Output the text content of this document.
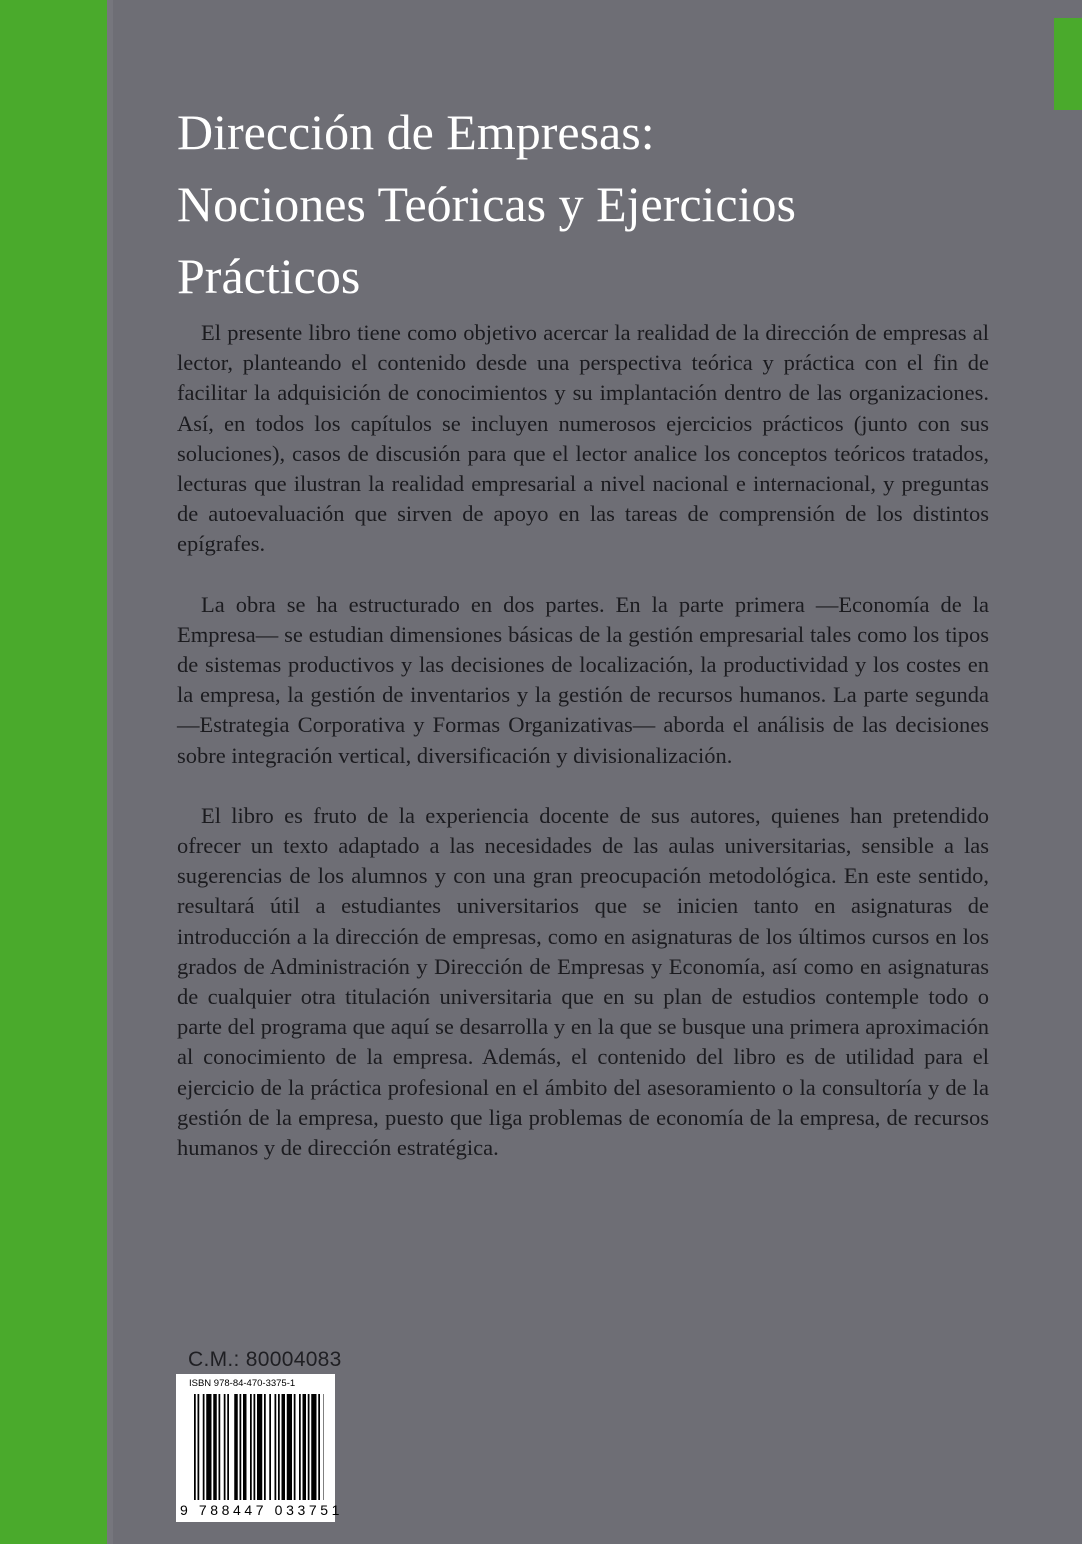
Dirección de Empresas:
Nociones Teóricas y Ejercicios
Prácticos

El presente libro tiene como objetivo acercar la realidad de la dirección de empresas al lector, planteando el contenido desde una perspectiva teórica y práctica con el fin de facilitar la adquisición de conocimientos y su implantación dentro de las organizaciones. Así, en todos los capítulos se incluyen numerosos ejercicios prácticos (junto con sus soluciones), casos de discusión para que el lector analice los conceptos teóricos tratados, lecturas que ilustran la realidad empresarial a nivel nacional e internacional, y preguntas de autoevaluación que sirven de apoyo en las tareas de comprensión de los distintos epígrafes.

La obra se ha estructurado en dos partes. En la parte primera —Economía de la Empresa— se estudian dimensiones básicas de la gestión empresarial tales como los tipos de sistemas productivos y las decisiones de localización, la productividad y los costes en la empresa, la gestión de inventarios y la gestión de recursos humanos. La parte segunda —Estrategia Corporativa y Formas Organizativas— aborda el análisis de las decisiones sobre integración vertical, diversificación y divisionalización.

El libro es fruto de la experiencia docente de sus autores, quienes han pretendido ofrecer un texto adaptado a las necesidades de las aulas universitarias, sensible a las sugerencias de los alumnos y con una gran preocupación metodológica. En este sentido, resultará útil a estudiantes universitarios que se inicien tanto en asignaturas de introducción a la dirección de empresas, como en asignaturas de los últimos cursos en los grados de Administración y Dirección de Empresas y Economía, así como en asignaturas de cualquier otra titulación universitaria que en su plan de estudios contemple todo o parte del programa que aquí se desarrolla y en la que se busque una primera aproximación al conocimiento de la empresa. Además, el contenido del libro es de utilidad para el ejercicio de la práctica profesional en el ámbito del asesoramiento o la consultoría y de la gestión de la empresa, puesto que liga problemas de economía de la empresa, de recursos humanos y de dirección estratégica.

C.M.: 80004083
ISBN 978-84-470-3375-1
9 788447 033751
